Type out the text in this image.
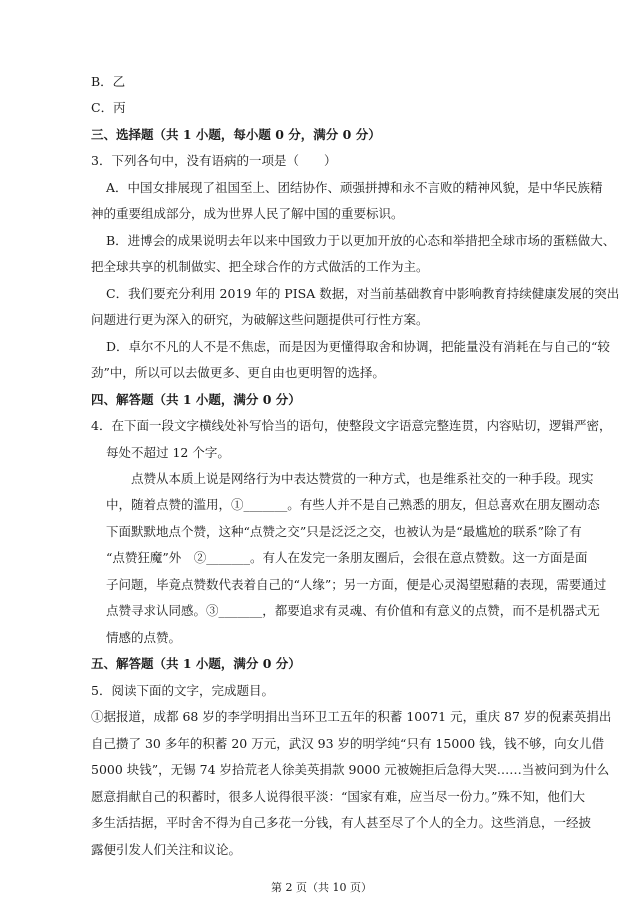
B．乙
C．丙
三、选择题（共 1 小题，每小题 0 分，满分 0 分）
3．下列各句中，没有语病的一项是（　　）
A．中国女排展现了祖国至上、团结协作、顽强拼搏和永不言败的精神风貌，是中华民族精
神的重要组成部分，成为世界人民了解中国的重要标识。
B．进博会的成果说明去年以来中国致力于以更加开放的心态和举措把全球市场的蛋糕做大、
把全球共享的机制做实、把全球合作的方式做活的工作为主。
C．我们要充分利用 2019 年的 PISA 数据，对当前基础教育中影响教育持续健康发展的突出
问题进行更为深入的研究，为破解这些问题提供可行性方案。
D．卓尔不凡的人不是不焦虑，而是因为更懂得取舍和协调，把能量没有消耗在与自己的“较
劲”中，所以可以去做更多、更自由也更明智的选择。
四、解答题（共 1 小题，满分 0 分）
4．在下面一段文字横线处补写恰当的语句，使整段文字语意完整连贯，内容贴切，逻辑严密，
每处不超过 12 个字。
点赞从本质上说是网络行为中表达赞赏的一种方式，也是维系社交的一种手段。现实
中，随着点赞的滥用，①_______。有些人并不是自己熟悉的朋友，但总喜欢在朋友圈动态
下面默默地点个赞，这种“点赞之交”只是泛泛之交，也被认为是“最尴尬的联系”除了有
“点赞狂魔”外　②_______。有人在发完一条朋友圈后，会很在意点赞数。这一方面是面
子问题，毕竟点赞数代表着自己的“人缘”；另一方面，便是心灵渴望慰藉的表现，需要通过
点赞寻求认同感。③_______，都要追求有灵魂、有价值和有意义的点赞，而不是机器式无
情感的点赞。
五、解答题（共 1 小题，满分 0 分）
5．阅读下面的文字，完成题目。
①据报道，成都 68 岁的李学明捐出当环卫工五年的积蓄 10071 元，重庆 87 岁的倪素英捐出
自己攒了 30 多年的积蓄 20 万元，武汉 93 岁的明学纯“只有 15000 钱，钱不够，向女儿借
5000 块钱”，无锡 74 岁拾荒老人徐美英捐款 9000 元被婉拒后急得大哭……当被问到为什么
愿意捐献自己的积蓄时，很多人说得很平淡：“国家有难，应当尽一份力。”殊不知，他们大
多生活拮据，平时舍不得为自己多花一分钱，有人甚至尽了个人的全力。这些消息，一经披
露便引发人们关注和议论。
第 2 页（共 10 页）
